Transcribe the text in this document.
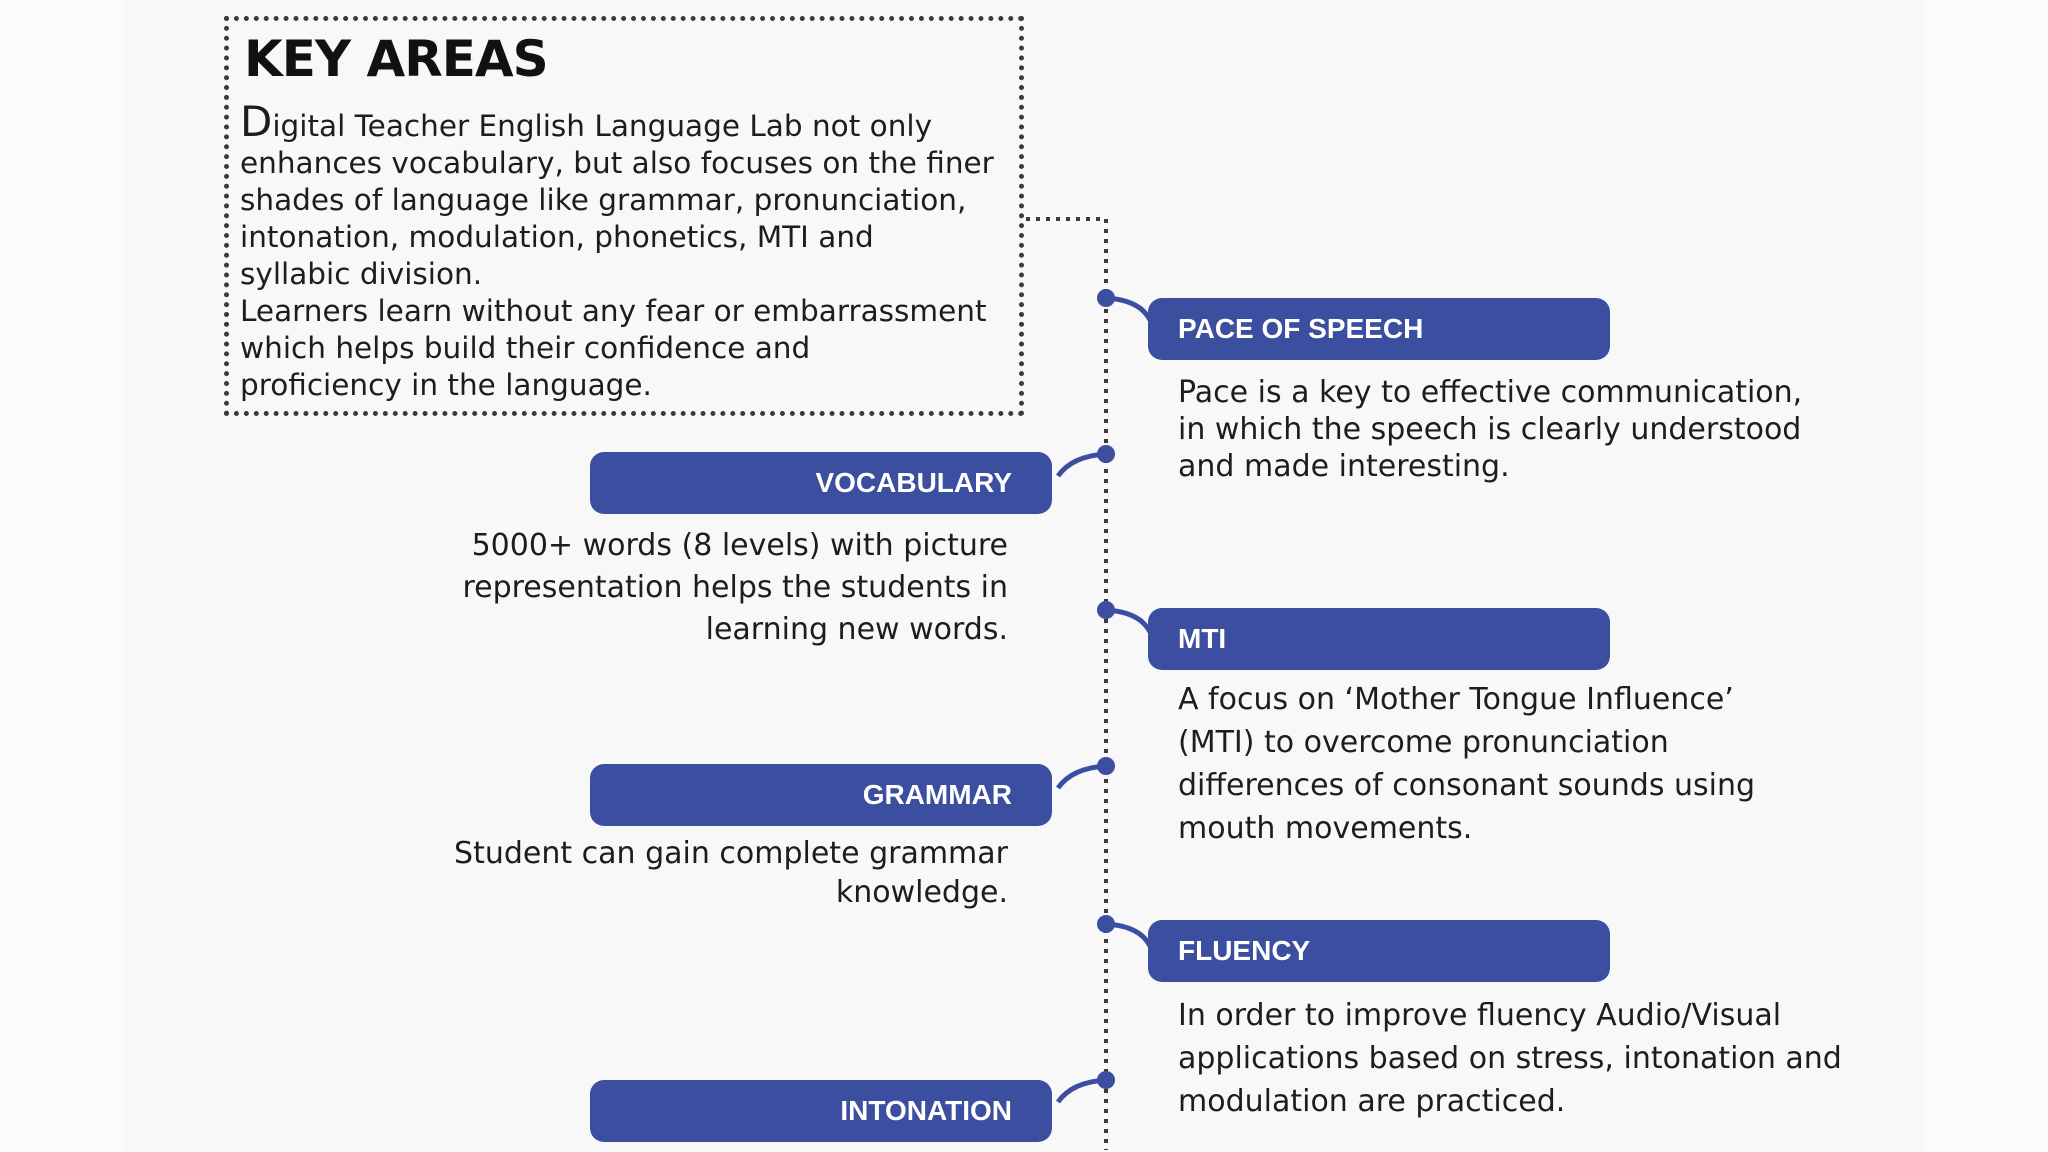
KEY AREAS

Digital Teacher English Language Lab not only

enhances vocabulary, but also focuses on the finer

shades of language like grammar, pronunciation,

intonation, modulation, phonetics, MTI and

syllabic division.

Learners learn without any fear or embarrassment

which helps build their confidence and

proficiency in the language.

PACE OF SPEECH

Pace is a key to effective communication,

in which the speech is clearly understood

and made interesting.

VOCABULARY

5000+ words (8 levels) with picture

representation helps the students in

learning new words.	MTI

A focus on ‘Mother Tongue Influence’

(MTI) to overcome pronunciation

differences of consonant sounds using

mouth movements.

GRAMMAR

Student can gain complete grammar

knowledge.

FLUENCY

In order to improve fluency Audio/Visual

applications based on stress, intonation and

modulation are practiced.

INTONATION
